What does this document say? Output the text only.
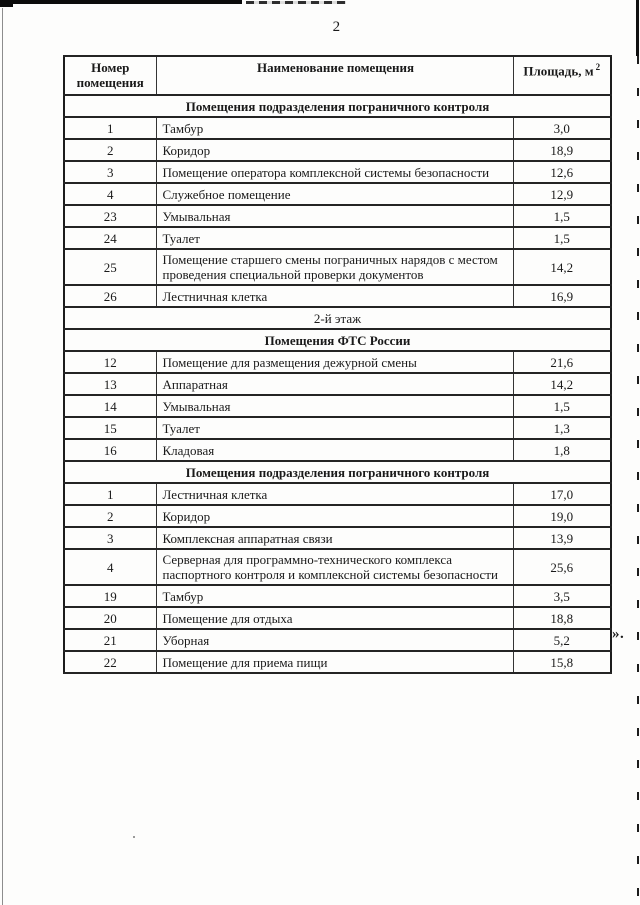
2
Номер помещения	Наименование помещения	Площадь, м $^2$
Помещения подразделения пограничного контроля		
1	Тамбур	3,0
2	Коридор	18,9
3	Помещение оператора комплексной системы безопасности	12,6
4	Служебное помещение	12,9
23	Умывальная	1,5
24	Туалет	1,5
25	Помещение старшего смены пограничных нарядов с местом проведения специальной проверки документов	14,2
26	Лестничная клетка	16,9
2-й этаж		
Помещения ФТС России		
12	Помещение для размещения дежурной смены	21,6
13	Аппаратная	14,2
14	Умывальная	1,5
15	Туалет	1,3
16	Кладовая	1,8
Помещения подразделения пограничного контроля		
1	Лестничная клетка	17,0
2	Коридор	19,0
3	Комплексная аппаратная связи	13,9
4	Серверная для программно-технического комплекса паспортного контроля и комплексной системы безопасности	25,6
19	Тамбур	3,5
20	Помещение для отдыха	18,8
21	Уборная	5,2
22	Помещение для приема пищи	15,8
».
